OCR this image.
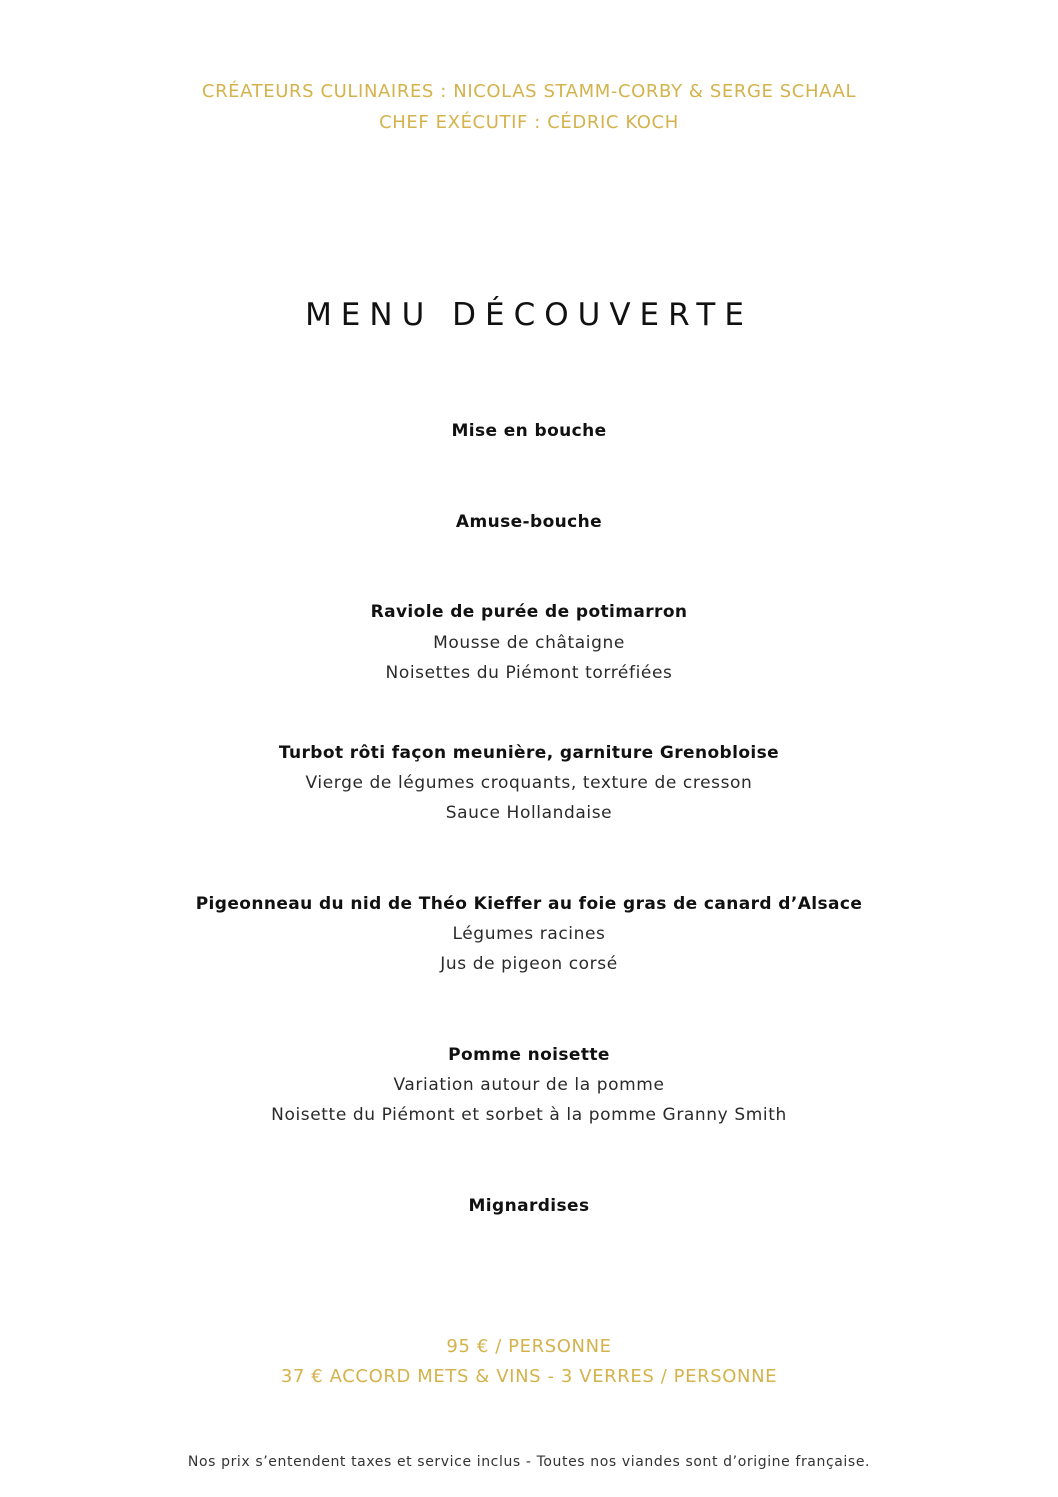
CRÉATEURS CULINAIRES : NICOLAS STAMM-CORBY & SERGE SCHAAL

CHEF EXÉCUTIF : CÉDRIC KOCH

MENU DÉCOUVERTE

Mise en bouche

Amuse-bouche

Raviole de purée de potimarron

Mousse de châtaigne

Noisettes du Piémont torréfiées

Turbot rôti façon meunière, garniture Grenobloise

Vierge de légumes croquants, texture de cresson

Sauce Hollandaise

Pigeonneau du nid de Théo Kieffer au foie gras de canard d’Alsace

Légumes racines

Jus de pigeon corsé

Pomme noisette

Variation autour de la pomme

Noisette du Piémont et sorbet à la pomme Granny Smith

Mignardises

95 € / PERSONNE

37 € ACCORD METS & VINS - 3 VERRES / PERSONNE

Nos prix s’entendent taxes et service inclus - Toutes nos viandes sont d’origine française.
